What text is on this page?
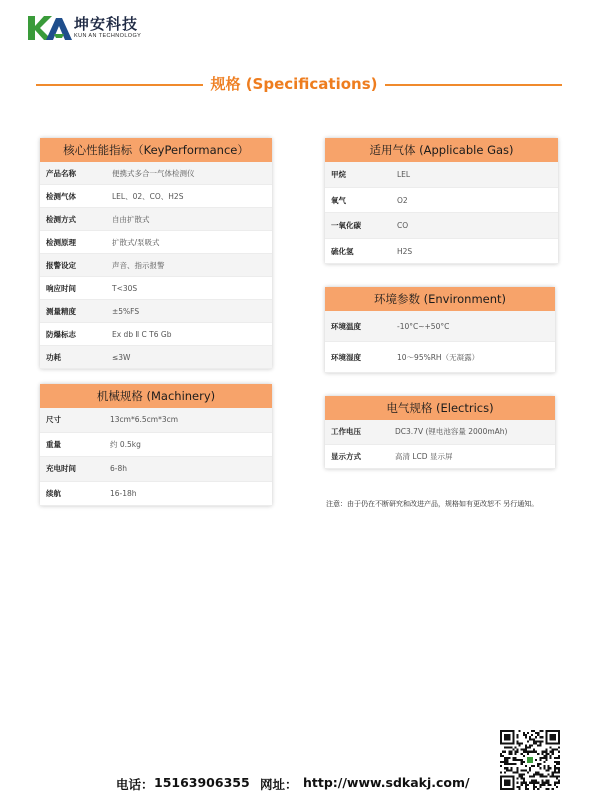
坤安科技
KUN AN TECHNOLOGY
规格 (Specifications)
核心性能指标（KeyPerformance）
产品名称	便携式多合一气体检测仪
检测气体	LEL、02、CO、H2S
检测方式	自由扩散式
检测原理	扩散式/泵吸式
报警设定	声音、指示报警
响应时间	T<30S
测量精度	±5%FS
防爆标志	Ex db Ⅱ C T6 Gb
功耗	≤3W
机械规格 (Machinery)
尺寸	13cm*6.5cm*3cm
重量	约 0.5kg
充电时间	6-8h
续航	16-18h
适用气体 (Applicable Gas)
甲烷	LEL
氧气	O2
一氧化碳	CO
硫化氢	H2S
环境参数 (Environment)
环境温度	-10°C~+50°C
环境湿度	10～95%RH（无凝露）
电气规格 (Electrics)
工作电压	DC3.7V (锂电池容量 2000mAh)
显示方式	高清 LCD 显示屏
注意：由于仍在不断研究和改进产品，规格如有更改恕不 另行通知。
电话： 15163906355 网址： http://www.sdkakj.com/
